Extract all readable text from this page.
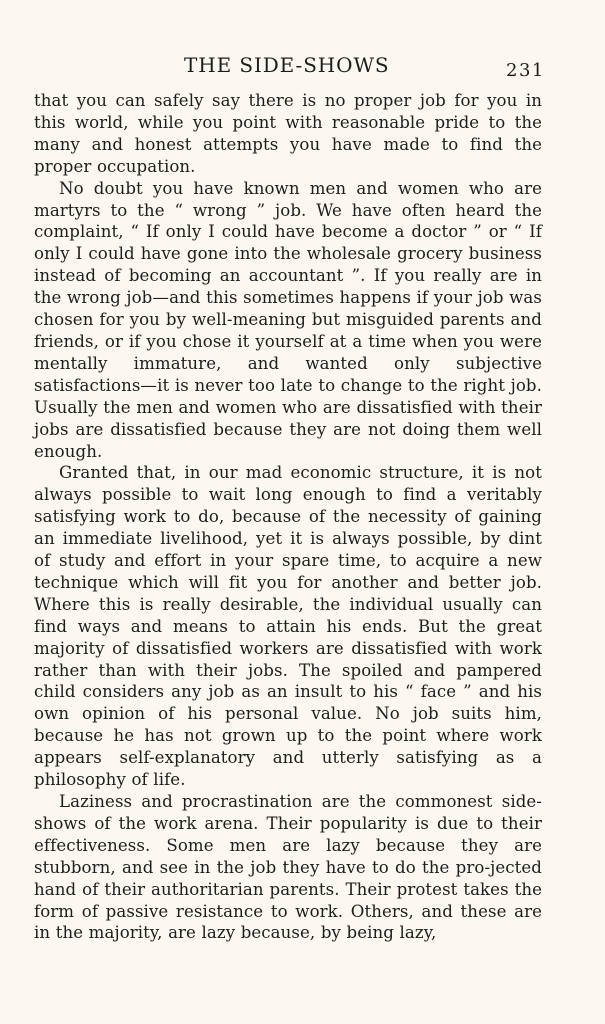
THE SIDE-SHOWS	231

that you can safely say there is no proper job for you in this world, while you point with reasonable pride to the many and honest attempts you have made to find the proper occupation.

No doubt you have known men and women who are martyrs to the “ wrong ” job. We have often heard the complaint, “ If only I could have become a doctor ” or “ If only I could have gone into the wholesale grocery business instead of becoming an accountant ”. If you really are in the wrong job—and this sometimes happens if your job was chosen for you by well-meaning but misguided parents and friends, or if you chose it yourself at a time when you were mentally immature, and wanted only subjective satisfactions—it is never too late to change to the right job. Usually the men and women who are dissatisfied with their jobs are dissatisfied because they are not doing them well enough.

Granted that, in our mad economic structure, it is not always possible to wait long enough to find a veritably satisfying work to do, because of the necessity of gaining an immediate livelihood, yet it is always possible, by dint of study and effort in your spare time, to acquire a new technique which will fit you for another and better job. Where this is really desirable, the individual usually can find ways and means to attain his ends. But the great majority of dissatisfied workers are dissatisfied with work rather than with their jobs. The spoiled and pampered child considers any job as an insult to his “ face ” and his own opinion of his personal value. No job suits him, because he has not grown up to the point where work appears self-explanatory and utterly satisfying as a philosophy of life.

Laziness and procrastination are the commonest side-shows of the work arena. Their popularity is due to their effectiveness. Some men are lazy because they are stubborn, and see in the job they have to do the pro-jected hand of their authoritarian parents. Their protest takes the form of passive resistance to work. Others, and these are in the majority, are lazy because, by being lazy,
